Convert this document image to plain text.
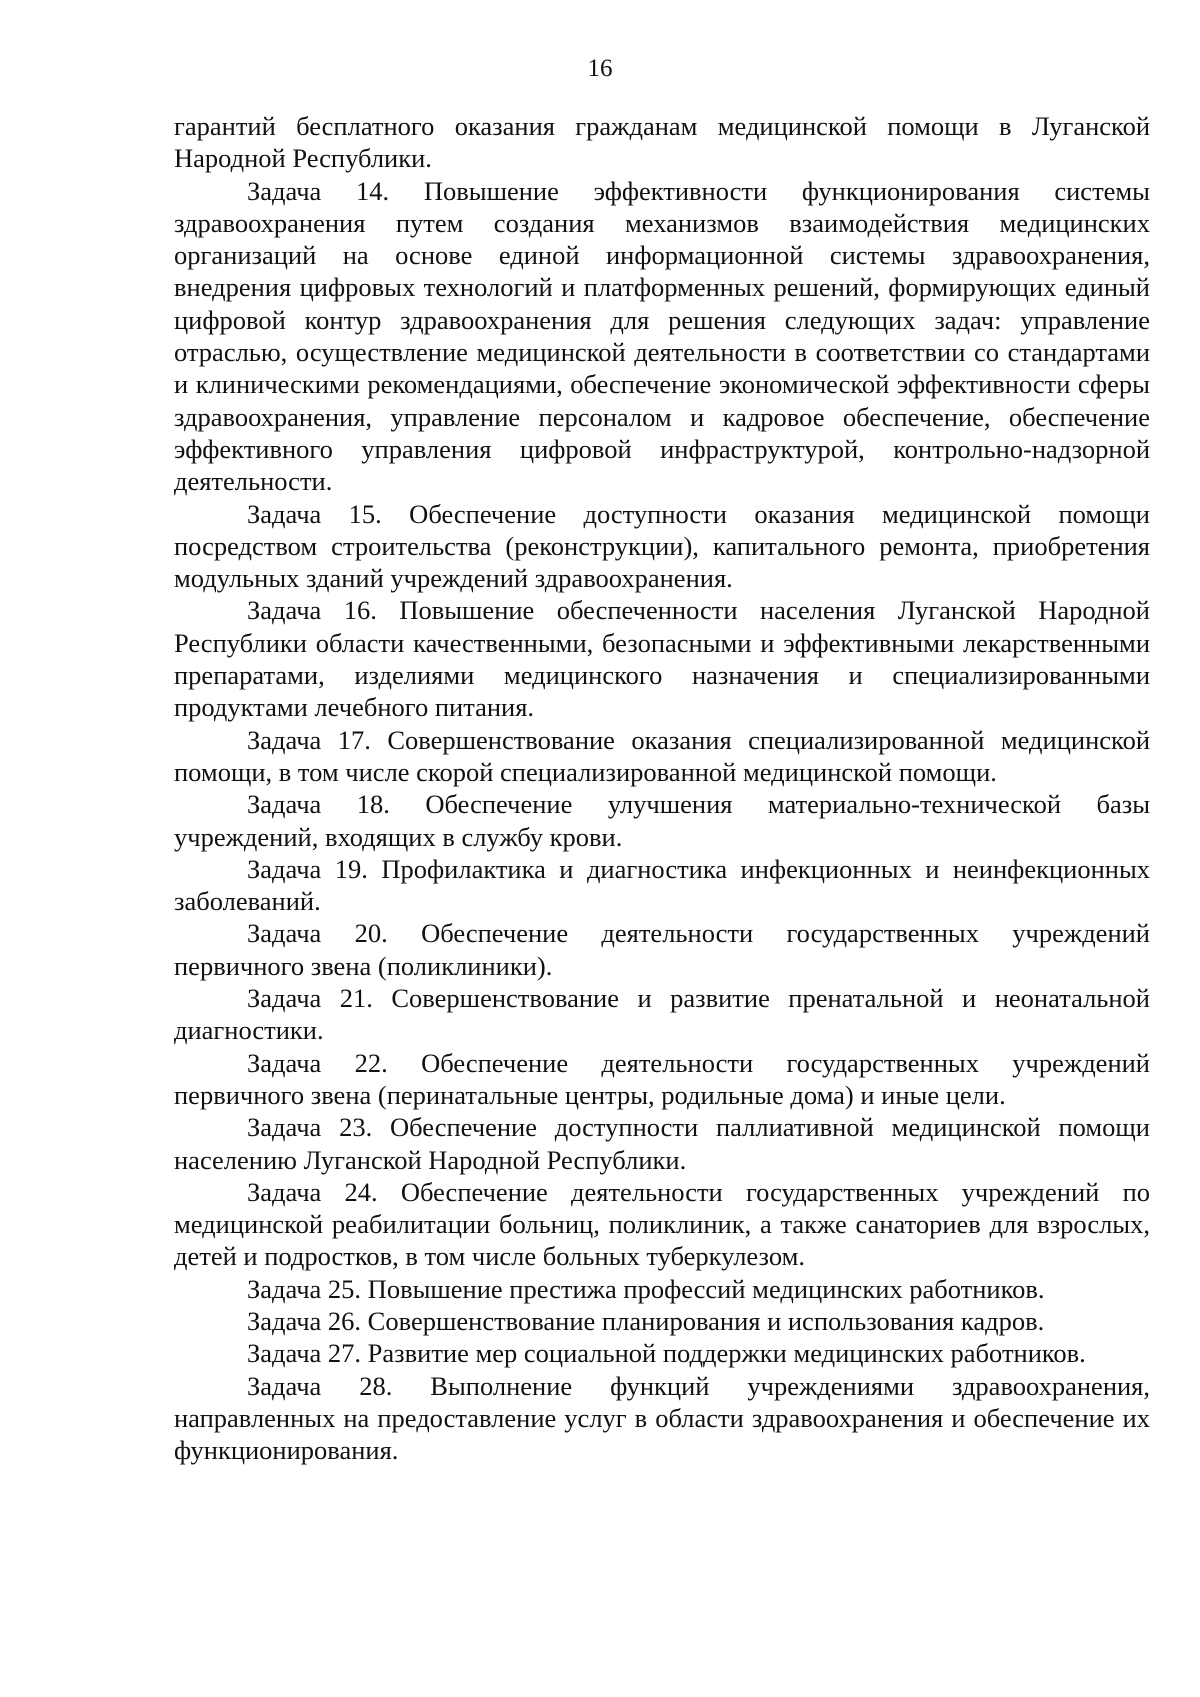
16

гарантий бесплатного оказания гражданам медицинской помощи в Луганской Народной Республики.

Задача 14. Повышение эффективности функционирования системы здравоохранения путем создания механизмов взаимодействия медицинских организаций на основе единой информационной системы здравоохранения, внедрения цифровых технологий и платформенных решений, формирующих единый цифровой контур здравоохранения для решения следующих задач: управление отраслью, осуществление медицинской деятельности в соответствии со стандартами и клиническими рекомендациями, обеспечение экономической эффективности сферы здравоохранения, управление персоналом и кадровое обеспечение, обеспечение эффективного управления цифровой инфраструктурой, контрольно-надзорной деятельности.

Задача 15. Обеспечение доступности оказания медицинской помощи посредством строительства (реконструкции), капитального ремонта, приобретения модульных зданий учреждений здравоохранения.

Задача 16. Повышение обеспеченности населения Луганской Народной Республики области качественными, безопасными и эффективными лекарственными препаратами, изделиями медицинского назначения и специализированными продуктами лечебного питания.

Задача 17. Совершенствование оказания специализированной медицинской помощи, в том числе скорой специализированной медицинской помощи.

Задача 18. Обеспечение улучшения материально-технической базы учреждений, входящих в службу крови.

Задача 19. Профилактика и диагностика инфекционных и неинфекционных заболеваний.

Задача 20. Обеспечение деятельности государственных учреждений первичного звена (поликлиники).

Задача 21. Совершенствование и развитие пренатальной и неонатальной диагностики.

Задача 22. Обеспечение деятельности государственных учреждений первичного звена (перинатальные центры, родильные дома) и иные цели.

Задача 23. Обеспечение доступности паллиативной медицинской помощи населению Луганской Народной Республики.

Задача 24. Обеспечение деятельности государственных учреждений по медицинской реабилитации больниц, поликлиник, а также санаториев для взрослых, детей и подростков, в том числе больных туберкулезом.

Задача 25. Повышение престижа профессий медицинских работников.

Задача 26. Совершенствование планирования и использования кадров.

Задача 27. Развитие мер социальной поддержки медицинских работников.

Задача 28. Выполнение функций учреждениями здравоохранения, направленных на предоставление услуг в области здравоохранения и обеспечение их функционирования.
